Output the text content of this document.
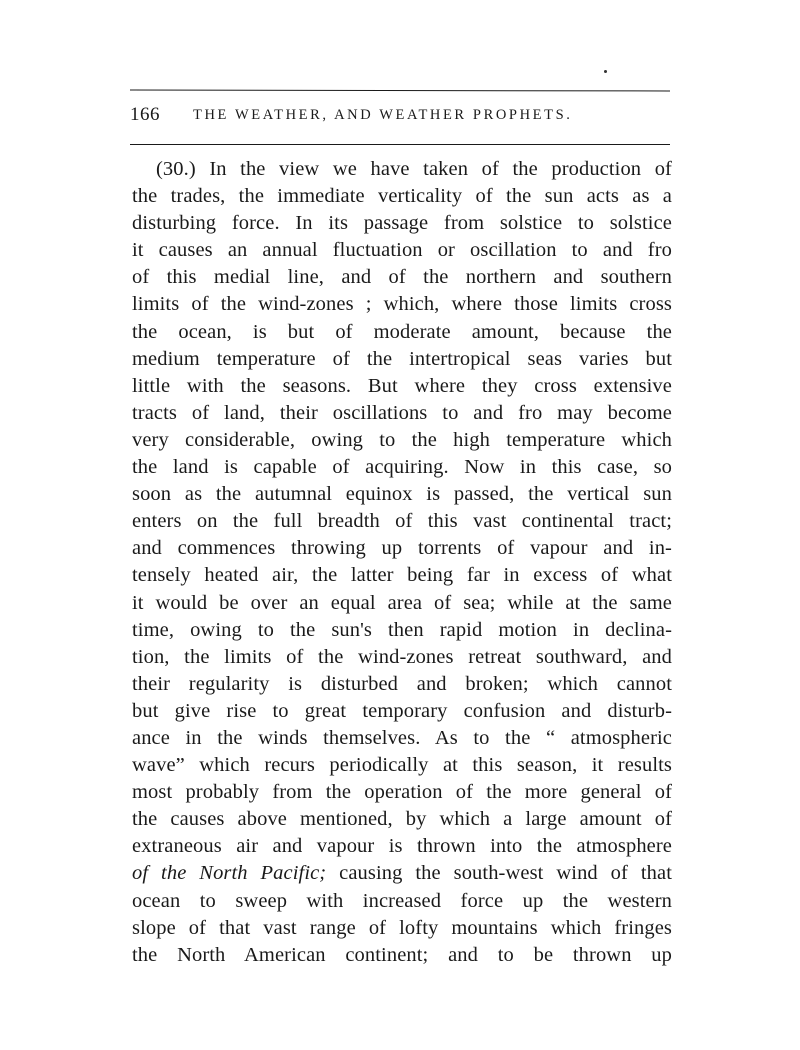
166 THE WEATHER, AND WEATHER PROPHETS.
(30.) In the view we have taken of the production of
the trades, the immediate verticality of the sun acts as a
disturbing force. In its passage from solstice to solstice
it causes an annual fluctuation or oscillation to and fro
of this medial line, and of the northern and southern
limits of the wind-zones ; which, where those limits cross
the ocean, is but of moderate amount, because the
medium temperature of the intertropical seas varies but
little with the seasons. But where they cross extensive
tracts of land, their oscillations to and fro may become
very considerable, owing to the high temperature which
the land is capable of acquiring. Now in this case, so
soon as the autumnal equinox is passed, the vertical sun
enters on the full breadth of this vast continental tract;
and commences throwing up torrents of vapour and in-
tensely heated air, the latter being far in excess of what
it would be over an equal area of sea; while at the same
time, owing to the sun's then rapid motion in declina-
tion, the limits of the wind-zones retreat southward, and
their regularity is disturbed and broken; which cannot
but give rise to great temporary confusion and disturb-
ance in the winds themselves. As to the “ atmospheric
wave” which recurs periodically at this season, it results
most probably from the operation of the more general of
the causes above mentioned, by which a large amount of
extraneous air and vapour is thrown into the atmosphere
of the North Pacific; causing the south-west wind of that
ocean to sweep with increased force up the western
slope of that vast range of lofty mountains which fringes
the North American continent; and to be thrown up
